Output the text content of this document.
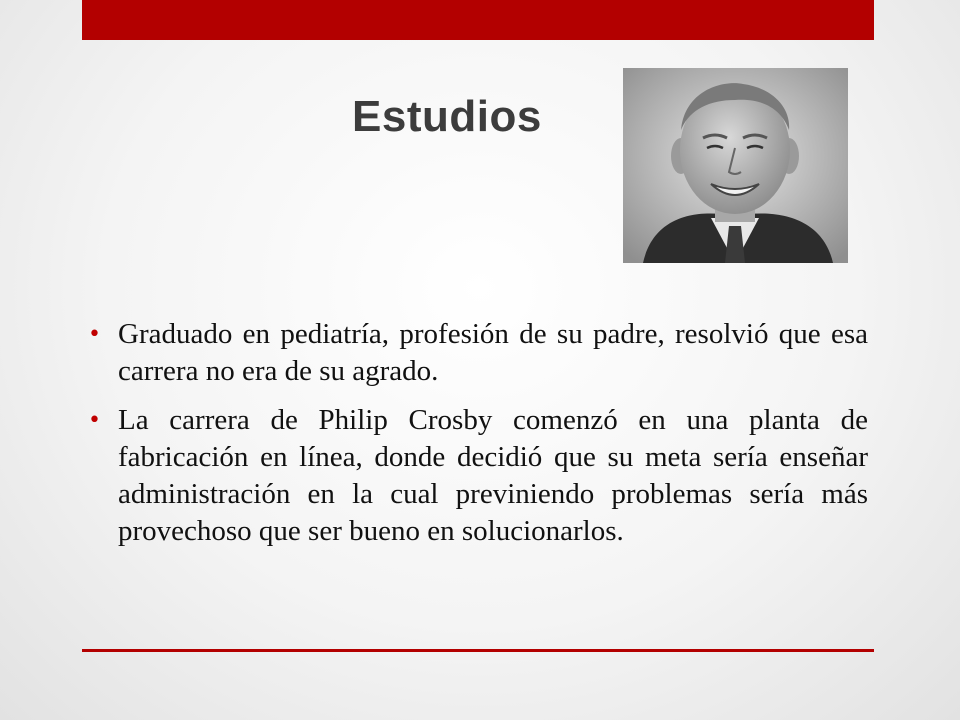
Estudios
• Graduado en pediatría, profesión de su padre, resolvió que esa carrera no era de su agrado.
• La carrera de Philip Crosby comenzó en una planta de fabricación en línea, donde decidió que su meta sería enseñar administración en la cual previniendo problemas sería más provechoso que ser bueno en solucionarlos.
